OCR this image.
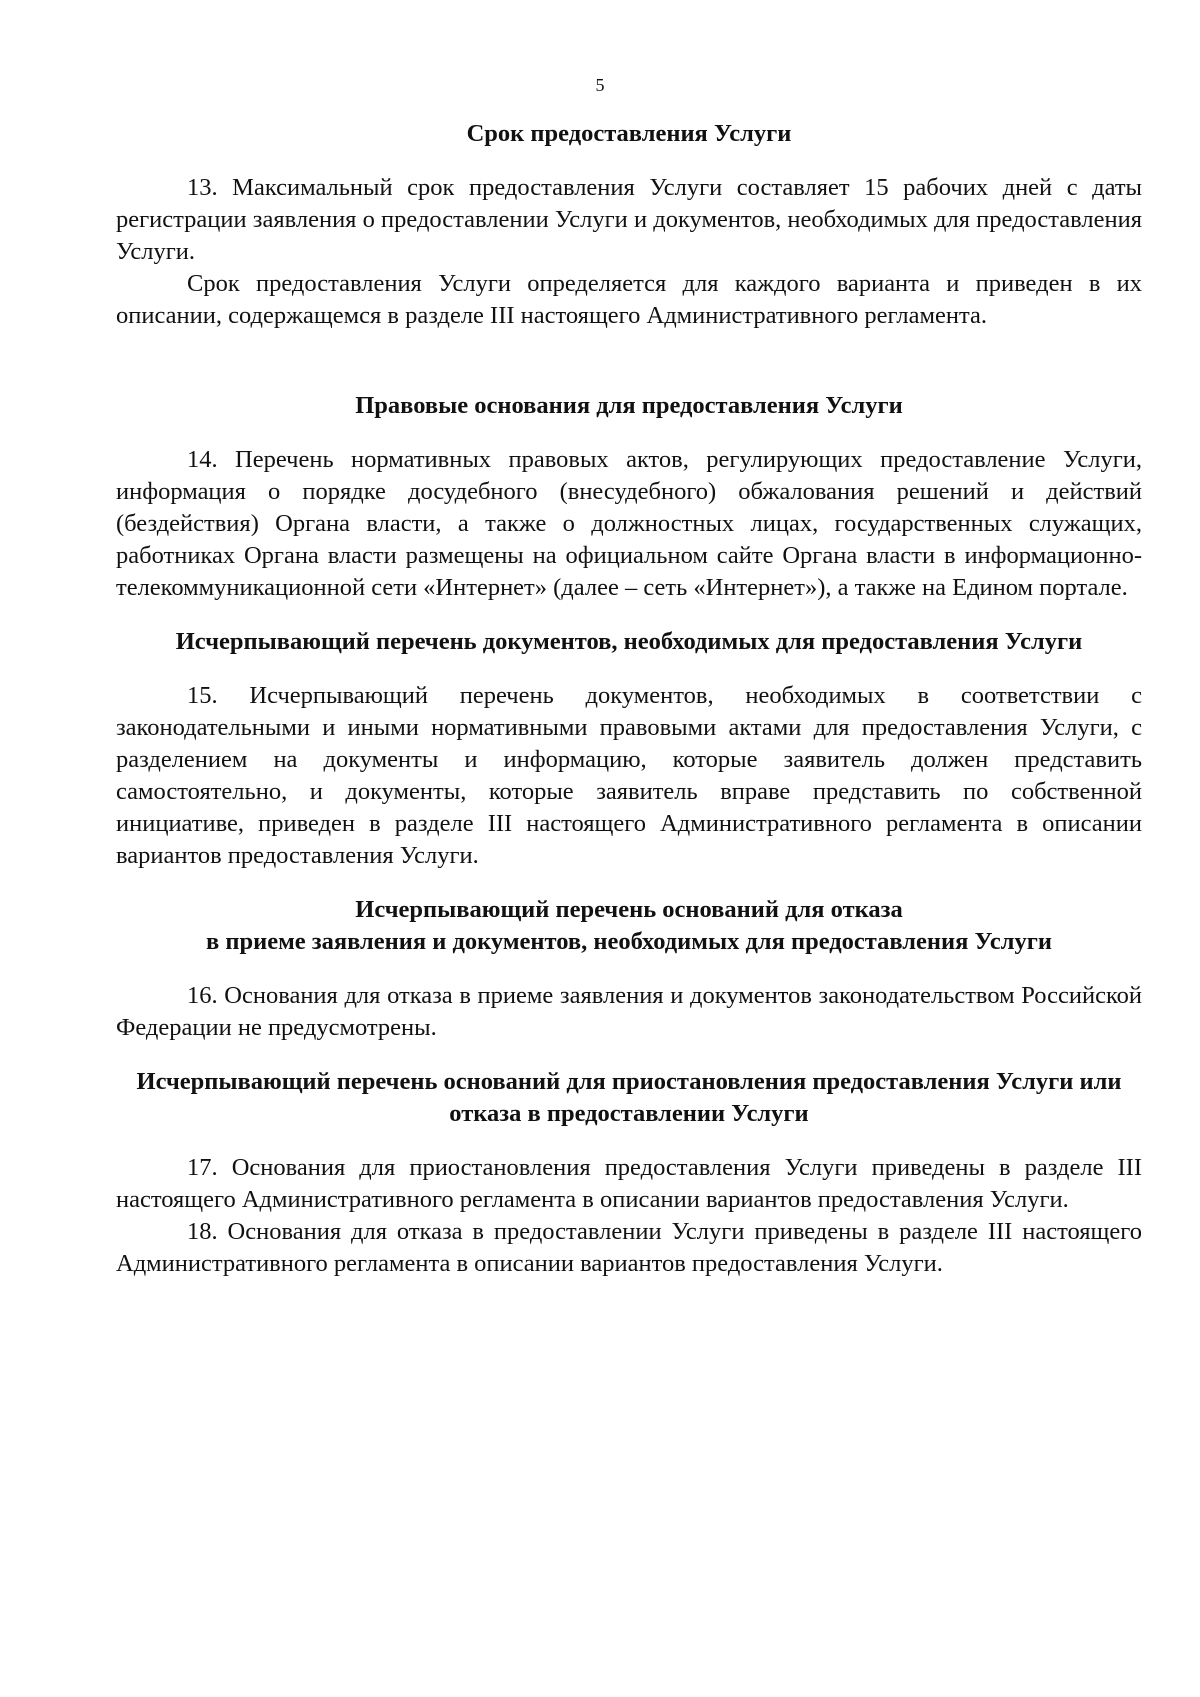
5

Срок предоставления Услуги

13. Максимальный срок предоставления Услуги составляет 15 рабочих дней с даты регистрации заявления о предоставлении Услуги и документов, необходимых для предоставления Услуги.

Срок предоставления Услуги определяется для каждого варианта и приведен в их описании, содержащемся в разделе III настоящего Административного регламента.

Правовые основания для предоставления Услуги

14. Перечень нормативных правовых актов, регулирующих предоставление Услуги, информация о порядке досудебного (внесудебного) обжалования решений и действий (бездействия) Органа власти, а также о должностных лицах, государственных служащих, работниках Органа власти размещены на официальном сайте Органа власти в информационно-телекоммуникационной сети «Интернет» (далее – сеть «Интернет»), а также на Едином портале.

Исчерпывающий перечень документов, необходимых для предоставления Услуги

15. Исчерпывающий перечень документов, необходимых в соответствии с законодательными и иными нормативными правовыми актами для предоставления Услуги, с разделением на документы и информацию, которые заявитель должен представить самостоятельно, и документы, которые заявитель вправе представить по собственной инициативе, приведен в разделе III настоящего Административного регламента в описании вариантов предоставления Услуги.

Исчерпывающий перечень оснований для отказа
в приеме заявления и документов, необходимых для предоставления Услуги

16. Основания для отказа в приеме заявления и документов законодательством Российской Федерации не предусмотрены.

Исчерпывающий перечень оснований для приостановления предоставления Услуги или отказа в предоставлении Услуги

17. Основания для приостановления предоставления Услуги приведены в разделе III настоящего Административного регламента в описании вариантов предоставления Услуги.

18. Основания для отказа в предоставлении Услуги приведены в разделе III настоящего Административного регламента в описании вариантов предоставления Услуги.
